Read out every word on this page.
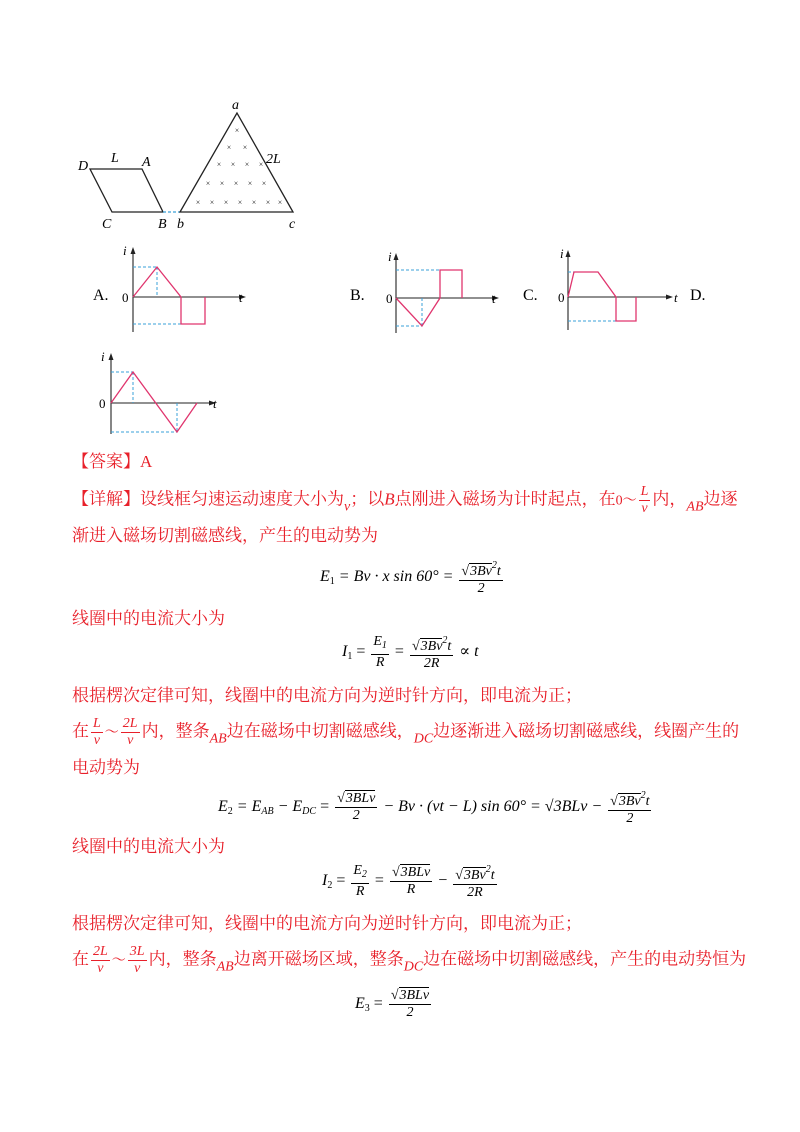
×
× ×
× × × ×
× × × × ×
× × × × × × ×
a
2L
b	c
D
L A
C	B
A.
i
t
0	B.
i
t
0	C.
i
t
0	D.
i
t
0
【答案】A
【详解】设线框匀速运动速度大小为$_v$；以B点刚进入磁场为计时起点，在0～ $\frac{L}{v}$ 内，$_{AB}$边逐
渐进入磁场切割磁感线，产生的电动势为
$E_1 = Bv \cdot x$ $\sin 60^\circ = \frac{√3Bv^2t}{2}$
线圈中的电流大小为
$I_1 = \frac{E_1}{R} = \frac{√3Bv^2t}{2R} \propto t$
根据楞次定律可知，线圈中的电流方向为逆时针方向，即电流为正；
在 $\frac{L}{v}$ ～ $\frac{2L}{v}$ 内，整条$_{AB}$边在磁场中切割磁感线，$_{DC}$边逐渐进入磁场切割磁感线，线圈产生的
电动势为
$E_2 = E_{AB} - E_{DC} = \frac{\text{√3BLv}}{2} - Bv \cdot (vt - L)$ $\sin 60^\circ = √3BLv - \frac{√3Bv^2t}{2}$
线圈中的电流大小为
$I_2 = \frac{E_2}{R} = \frac{\text{√3BLv}}{R} - \frac{√3Bv^2t}{2R}$
根据楞次定律可知，线圈中的电流方向为逆时针方向，即电流为正；
在 $\frac{2L}{v}$ ～ $\frac{3L}{v}$ 内，整条$_{AB}$边离开磁场区域，整条$_{DC}$边在磁场中切割磁感线，产生的电动势恒为
$E_3 = \frac{\text{√3BLv}}{2}$
